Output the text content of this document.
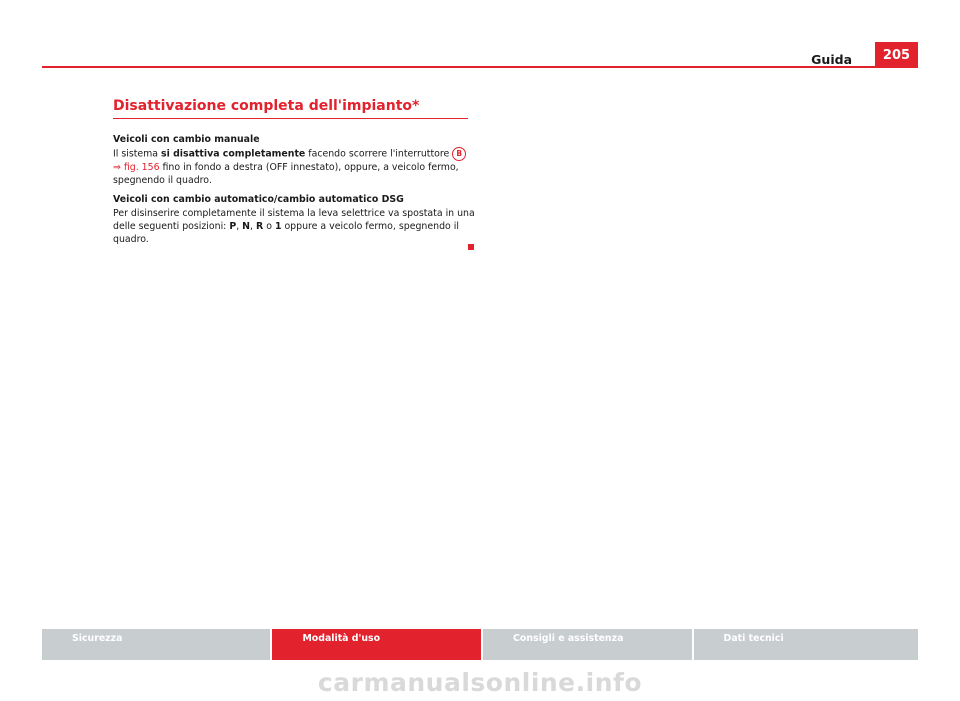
Guida	205
Disattivazione completa dell'impianto*

Veicoli con cambio manuale

Il sistema si disattiva completamente facendo scorrere l'interruttore B
⇒ fig. 156 fino in fondo a destra (OFF innestato), oppure, a veicolo fermo, spegnendo il quadro.

Veicoli con cambio automatico/cambio automatico DSG

Per disinserire completamente il sistema la leva selettrice va spostata in una delle seguenti posizioni: P, N, R o 1 oppure a veicolo fermo, spegnendo il quadro.

Sicurezza	Modalità d'uso	Consigli e assistenza	Dati tecnici
carmanualsonline.info
